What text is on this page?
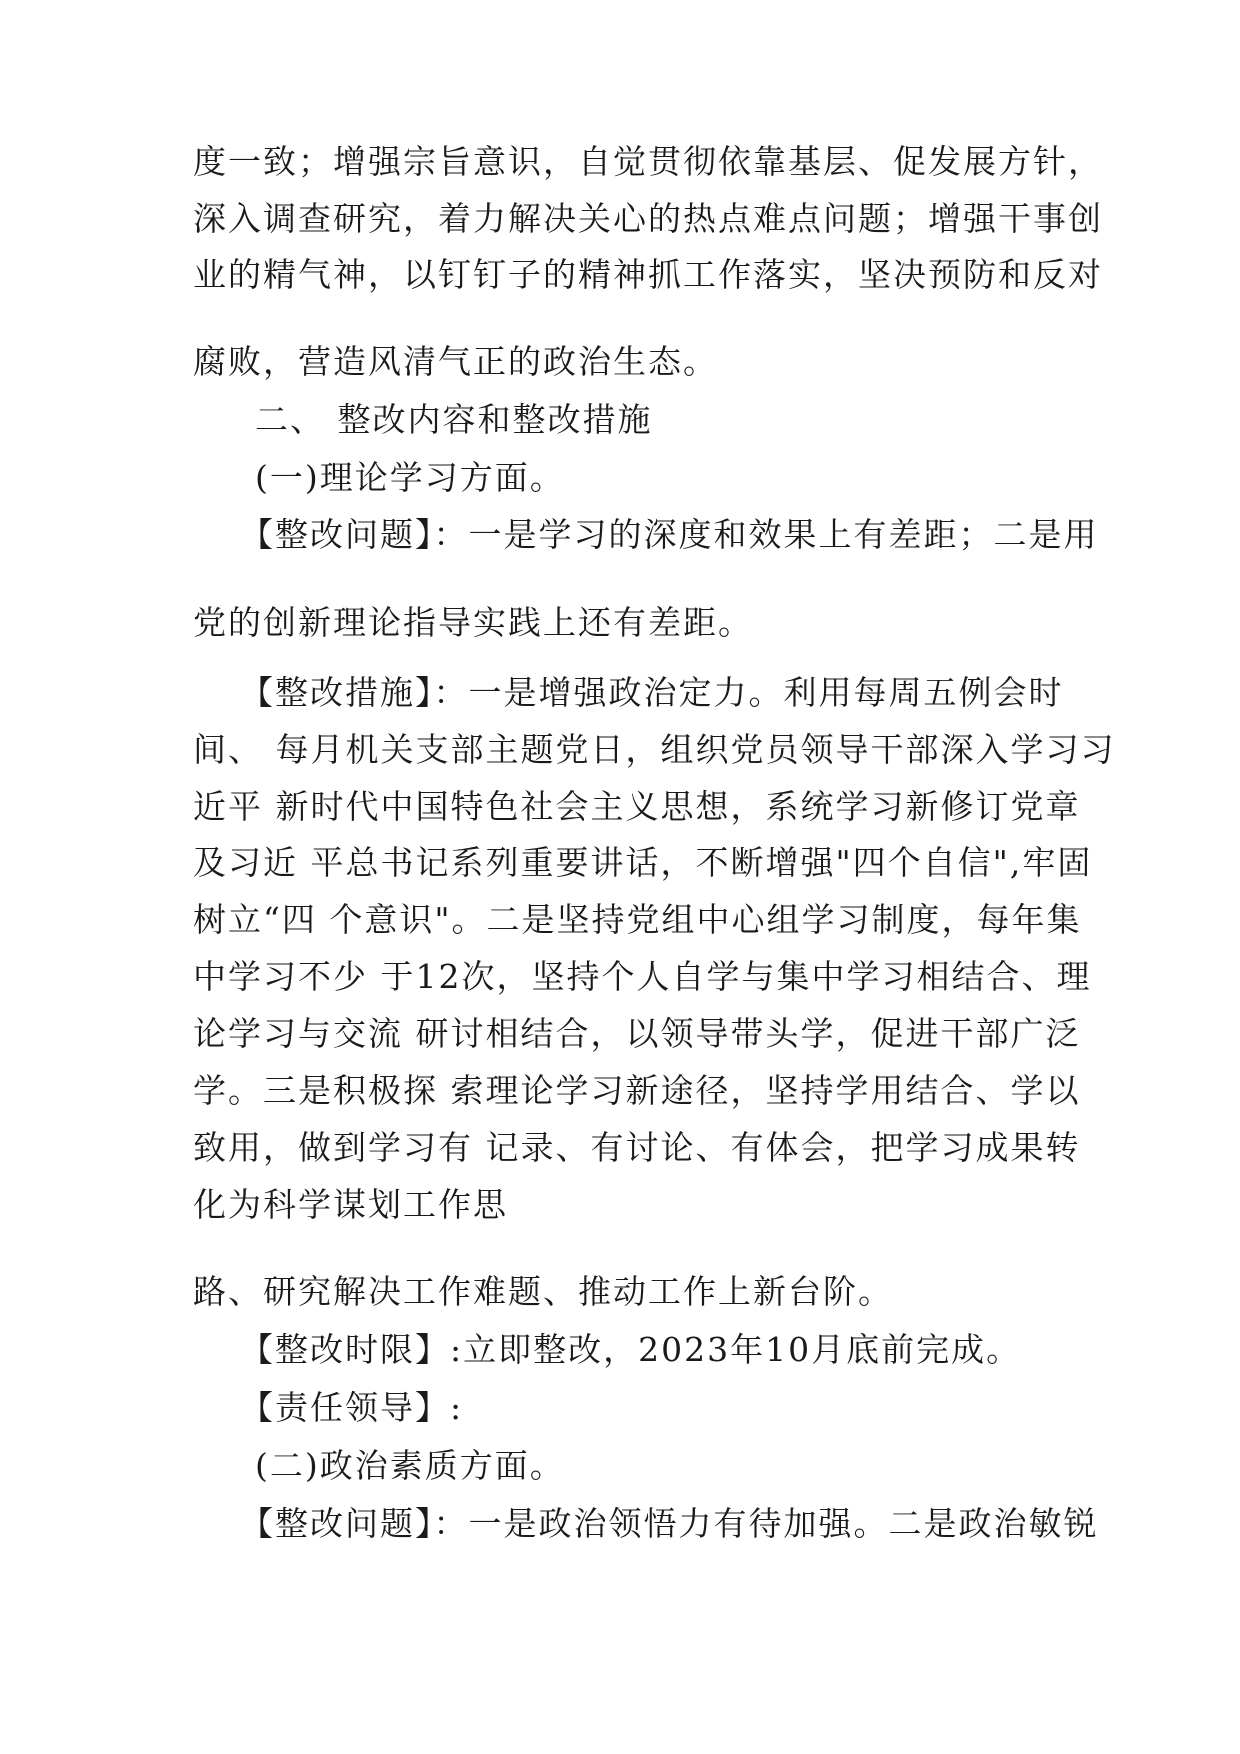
度一致；增强宗旨意识，自觉贯彻依靠基层、促发展方针，
深入调查研究，着力解决关心的热点难点问题；增强干事创
业的精气神，以钉钉子的精神抓工作落实，坚决预防和反对
腐败，营造风清气正的政治生态。
二、 整改内容和整改措施
(一)理论学习方面。
【整改问题】：一是学习的深度和效果上有差距；二是用
党的创新理论指导实践上还有差距。
【整改措施】：一是增强政治定力。利用每周五例会时
间、 每月机关支部主题党日，组织党员领导干部深入学习习
近平 新时代中国特色社会主义思想，系统学习新修订党章
及习近 平总书记系列重要讲话，不断增强"四个自信",牢固
树立“四 个意识"。二是坚持党组中心组学习制度，每年集
中学习不少 于12次，坚持个人自学与集中学习相结合、理
论学习与交流 研讨相结合，以领导带头学，促进干部广泛
学。三是积极探 索理论学习新途径，坚持学用结合、学以
致用，做到学习有 记录、有讨论、有体会，把学习成果转
化为科学谋划工作思
路、研究解决工作难题、推动工作上新台阶。
【整改时限】:立即整改，2023年10月底前完成。
【责任领导】:
(二)政治素质方面。
【整改问题】：一是政治领悟力有待加强。二是政治敏锐
